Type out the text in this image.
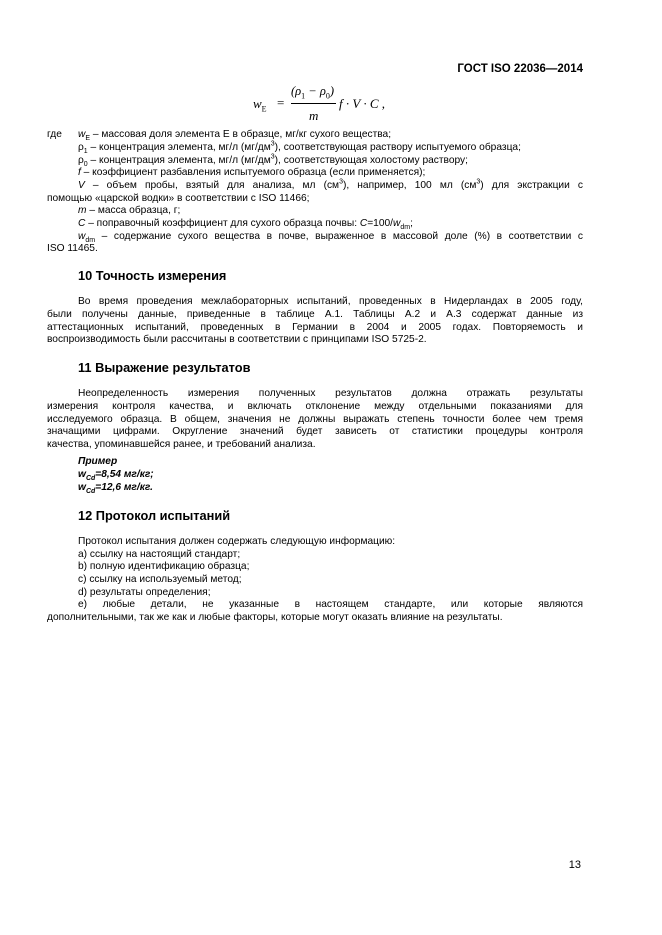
ГОСТ ISO 22036—2014
$w_E$ =
$(\rho_1 - \rho_0)$
m
f · V · C ,
где $w_E$ – массовая доля элемента Е в образце, мг/кг сухого вещества;
$\rho_1$ – концентрация элемента, мг/л $(мг/дм^3)$, соответствующая раствору испытуемого образца;
$\rho_0$ – концентрация элемента, мг/л $(мг/дм^3)$, соответствующая холостому раствору;
f – коэффициент разбавления испытуемого образца (если применяется);
V – объем пробы, взятый для анализа, мл $(см^3)$, например, 100 мл $(см^3)$ для экстракции с
помощью «царской водки» в соответствии с ISO 11466;
m – масса образца, г;
C – поправочный коэффициент для сухого образца почвы: $C=100/w_{dm}$;
$w_{dm}$ – содержание сухого вещества в почве, выраженное в массовой доле (%) в соответствии с
ISO 11465.
10 Точность измерения
Во время проведения межлабораторных испытаний, проведенных в Нидерландах в 2005 году,
были получены данные, приведенные в таблице А.1. Таблицы А.2 и А.3 содержат данные из
аттестационных испытаний, проведенных в Германии в 2004 и 2005 годах. Повторяемость и
воспроизводимость были рассчитаны в соответствии с принципами ISO 5725-2.
11 Выражение результатов
Неопределенность измерения полученных результатов должна отражать результаты
измерения контроля качества, и включать отклонение между отдельными показаниями для
исследуемого образца. В общем, значения не должны выражать степень точности более чем тремя
значащими цифрами. Округление значений будет зависеть от статистики процедуры контроля
качества, упоминавшейся ранее, и требований анализа.
Пример
$w_{Cd}=8,54$ мг/кг;
$w_{Cd}=12,6$ мг/кг.
12 Протокол испытаний
Протокол испытания должен содержать следующую информацию:
a) ссылку на настоящий стандарт;
b) полную идентификацию образца;
c) ссылку на используемый метод;
d) результаты определения;
e) любые детали, не указанные в настоящем стандарте, или которые являются
дополнительными, так же как и любые факторы, которые могут оказать влияние на результаты.
13
